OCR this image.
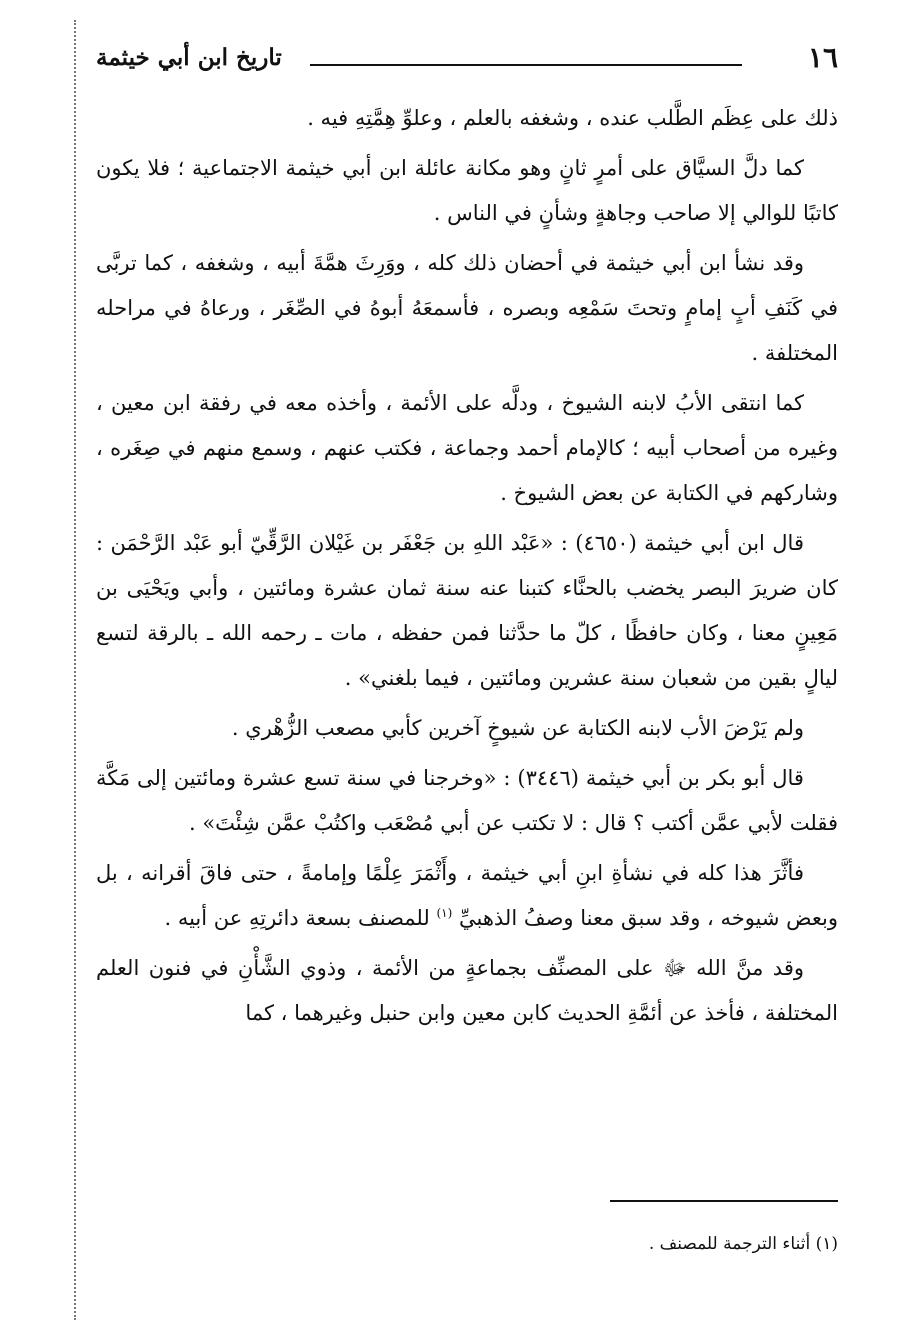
١٦
تاريخ ابن أبي خيثمة

ذلك على عِظَم الطَّلب عنده ، وشغفه بالعلم ، وعلوِّ هِمَّتِهِ فيه .

كما دلَّ السيَّاق على أمرٍ ثانٍ وهو مكانة عائلة ابن أبي خيثمة الاجتماعية ؛ فلا يكون كاتبًا للوالي إلا صاحب وجاهةٍ وشأنٍ في الناس .

وقد نشأ ابن أبي خيثمة في أحضان ذلك كله ، ووَرِثَ همَّةَ أبيه ، وشغفه ، كما تربَّى في كَنَفِ أبٍ إمامٍ وتحتَ سَمْعِه وبصره ، فأسمعَهُ أبوهُ في الصِّغَر ، ورعاهُ في مراحله المختلفة .

كما انتقى الأبُ لابنه الشيوخ ، ودلَّه على الأئمة ، وأخذه معه في رفقة ابن معين ، وغيره من أصحاب أبيه ؛ كالإمام أحمد وجماعة ، فكتب عنهم ، وسمع منهم في صِغَره ، وشاركهم في الكتابة عن بعض الشيوخ .

قال ابن أبي خيثمة (٤٦٥٠) : «عَبْد اللهِ بن جَعْفَر بن غَيْلان الرَّقِّيّ أبو عَبْد الرَّحْمَن : كان ضريرَ البصر يخضب بالحنَّاء كتبنا عنه سنة ثمان عشرة ومائتين ، وأبي ويَحْيَى بن مَعِينٍ معنا ، وكان حافظًا ، كلّ ما حدَّثنا فمن حفظه ، مات ـ رحمه الله ـ بالرقة لتسع ليالٍ بقين من شعبان سنة عشرين ومائتين ، فيما بلغني» .

ولم يَرْضَ الأب لابنه الكتابة عن شيوخٍ آخرين كأبي مصعب الزُّهْري .

قال أبو بكر بن أبي خيثمة (٣٤٤٦) : «وخرجنا في سنة تسع عشرة ومائتين إلى مَكَّة فقلت لأبي عمَّن أكتب ؟ قال : لا تكتب عن أبي مُصْعَب واكتُبْ عمَّن شِئْتَ» .

فأثَّرَ هذا كله في نشأةِ ابنِ أبي خيثمة ، وأَثْمَرَ عِلْمًا وإمامةً ، حتى فاقَ أقرانه ، بل وبعض شيوخه ، وقد سبق معنا وصفُ الذهبيِّ $^{(١)}$ للمصنف بسعة دائرتِهِ عن أبيه .

وقد منَّ الله ﷻ على المصنِّف بجماعةٍ من الأئمة ، وذوي الشَّأْنِ في فنون العلم المختلفة ، فأخذ عن أئمَّةِ الحديث كابن معين وابن حنبل وغيرهما ، كما

(١) أثناء الترجمة للمصنف .
